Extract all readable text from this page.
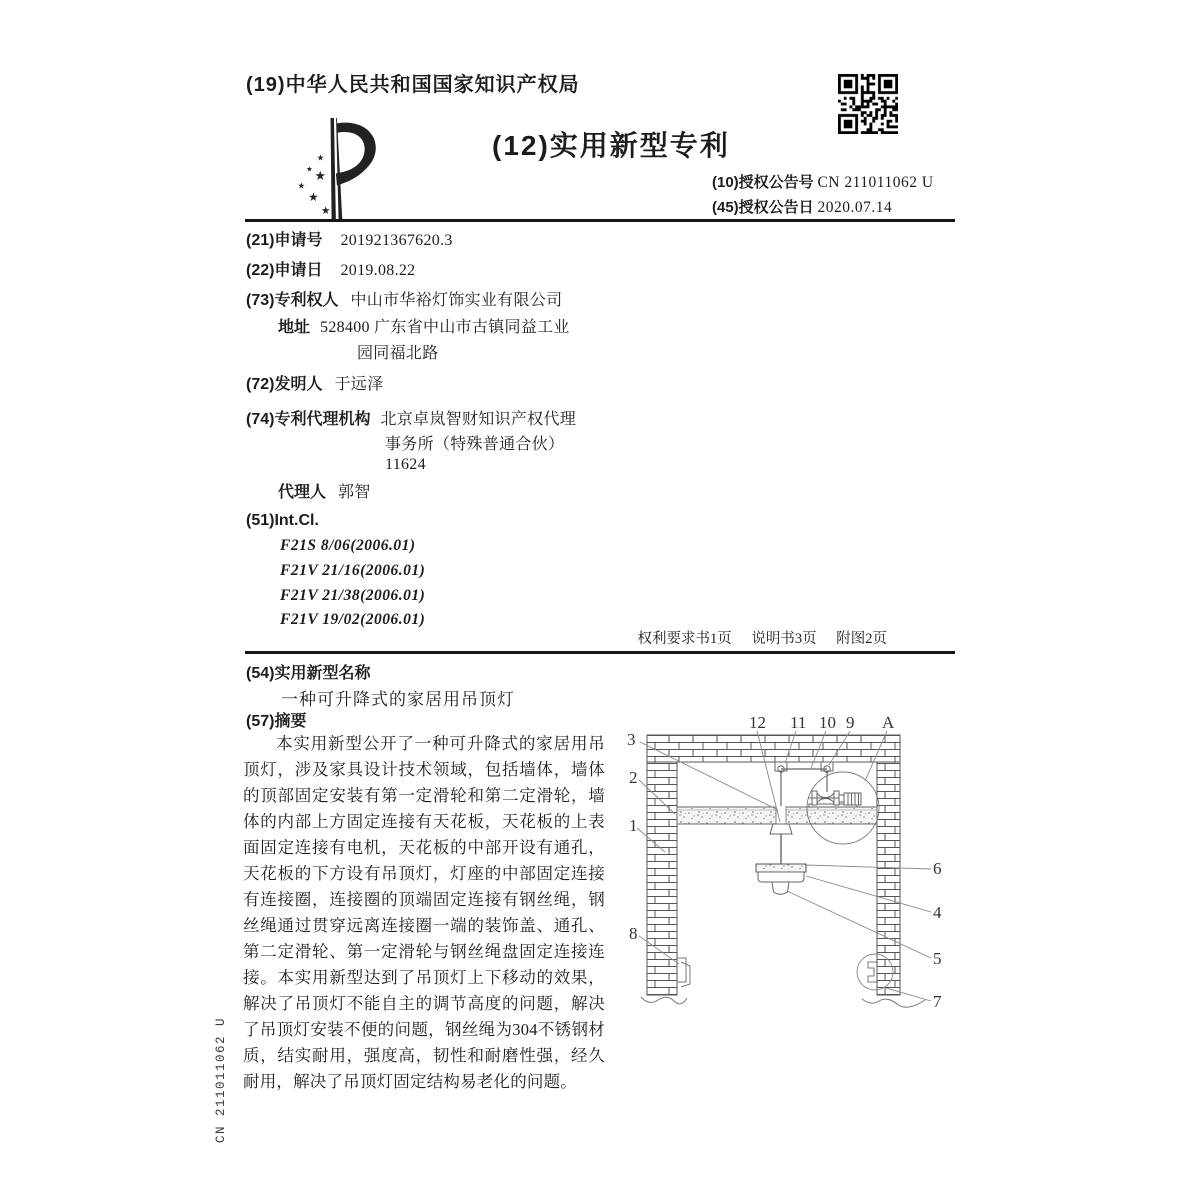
(19)中华人民共和国国家知识产权局
★
★
★
★
★
★
(12)实用新型专利
(10)授权公告号 CN 211011062 U
(45)授权公告日 2020.07.14
(21)申请号 201921367620.3
(22)申请日 2019.08.22
(73)专利权人 中山市华裕灯饰实业有限公司
地址 528400 广东省中山市古镇同益工业
园同福北路
(72)发明人 于远泽
(74)专利代理机构 北京卓岚智财知识产权代理
事务所（特殊普通合伙）
11624
代理人 郭智
(51)Int.Cl.
F21S 8/06(2006.01)
F21V 21/16(2006.01)
F21V 21/38(2006.01)
F21V 19/02(2006.01)
权利要求书1页 说明书3页 附图2页
(54)实用新型名称
一种可升降式的家居用吊顶灯
(57)摘要
本实用新型公开了一种可升降式的家居用吊顶灯，涉及家具设计技术领域，包括墙体，墙体的顶部固定安装有第一定滑轮和第二定滑轮，墙体的内部上方固定连接有天花板，天花板的上表面固定连接有电机，天花板的中部开设有通孔，天花板的下方设有吊顶灯，灯座的中部固定连接有连接圈，连接圈的顶端固定连接有钢丝绳，钢丝绳通过贯穿远离连接圈一端的装饰盖、通孔、第二定滑轮、第一定滑轮与钢丝绳盘固定连接连接。本实用新型达到了吊顶灯上下移动的效果，解决了吊顶灯不能自主的调节高度的问题，解决了吊顶灯安装不便的问题，钢丝绳为304不锈钢材质，结实耐用，强度高，韧性和耐磨性强，经久耐用，解决了吊顶灯固定结构易老化的问题。
CN 211011062 U
12 11 10 9 A
3
2
1
8
6
4
5
7
